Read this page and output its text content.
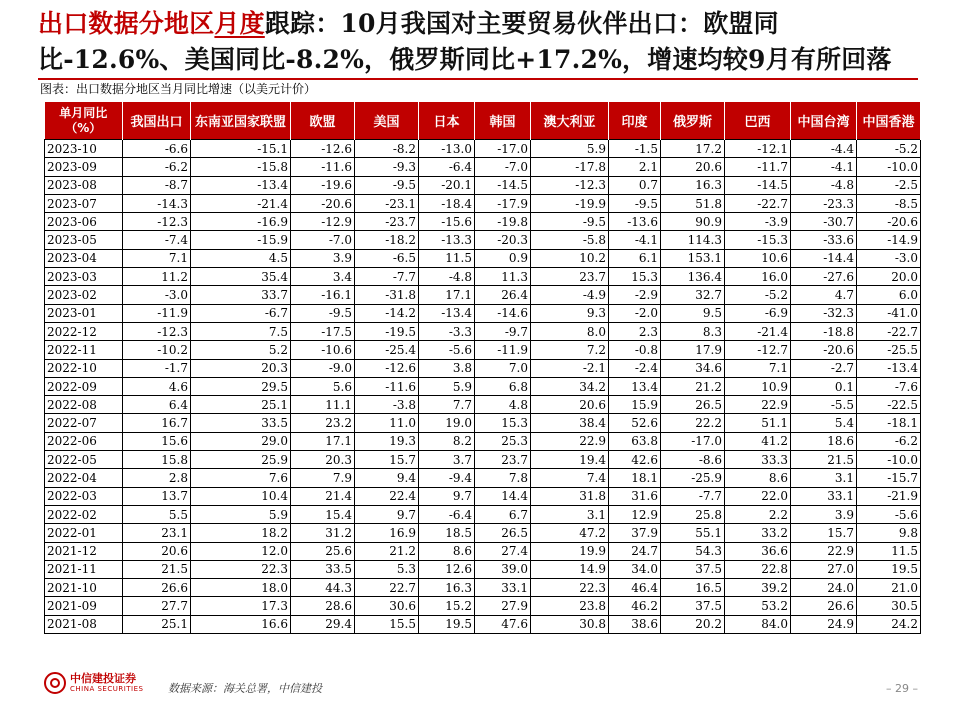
出口数据分地区月度跟踪：10月我国对主要贸易伙伴出口：欧盟同比-12.6%、美国同比-8.2%，俄罗斯同比+17.2%，增速均较9月有所回落
图表：出口数据分地区当月同比增速（以美元计价）
单月同比（%）	我国出口	东南亚国家联盟	欧盟	美国	日本	韩国	澳大利亚	印度	俄罗斯	巴西	中国台湾	中国香港
2023-10	-6.6	-15.1	-12.6	-8.2	-13.0	-17.0	5.9	-1.5	17.2	-12.1	-4.4	-5.2
2023-09	-6.2	-15.8	-11.6	-9.3	-6.4	-7.0	-17.8	2.1	20.6	-11.7	-4.1	-10.0
2023-08	-8.7	-13.4	-19.6	-9.5	-20.1	-14.5	-12.3	0.7	16.3	-14.5	-4.8	-2.5
2023-07	-14.3	-21.4	-20.6	-23.1	-18.4	-17.9	-19.9	-9.5	51.8	-22.7	-23.3	-8.5
2023-06	-12.3	-16.9	-12.9	-23.7	-15.6	-19.8	-9.5	-13.6	90.9	-3.9	-30.7	-20.6
2023-05	-7.4	-15.9	-7.0	-18.2	-13.3	-20.3	-5.8	-4.1	114.3	-15.3	-33.6	-14.9
2023-04	7.1	4.5	3.9	-6.5	11.5	0.9	10.2	6.1	153.1	10.6	-14.4	-3.0
2023-03	11.2	35.4	3.4	-7.7	-4.8	11.3	23.7	15.3	136.4	16.0	-27.6	20.0
2023-02	-3.0	33.7	-16.1	-31.8	17.1	26.4	-4.9	-2.9	32.7	-5.2	4.7	6.0
2023-01	-11.9	-6.7	-9.5	-14.2	-13.4	-14.6	9.3	-2.0	9.5	-6.9	-32.3	-41.0
2022-12	-12.3	7.5	-17.5	-19.5	-3.3	-9.7	8.0	2.3	8.3	-21.4	-18.8	-22.7
2022-11	-10.2	5.2	-10.6	-25.4	-5.6	-11.9	7.2	-0.8	17.9	-12.7	-20.6	-25.5
2022-10	-1.7	20.3	-9.0	-12.6	3.8	7.0	-2.1	-2.4	34.6	7.1	-2.7	-13.4
2022-09	4.6	29.5	5.6	-11.6	5.9	6.8	34.2	13.4	21.2	10.9	0.1	-7.6
2022-08	6.4	25.1	11.1	-3.8	7.7	4.8	20.6	15.9	26.5	22.9	-5.5	-22.5
2022-07	16.7	33.5	23.2	11.0	19.0	15.3	38.4	52.6	22.2	51.1	5.4	-18.1
2022-06	15.6	29.0	17.1	19.3	8.2	25.3	22.9	63.8	-17.0	41.2	18.6	-6.2
2022-05	15.8	25.9	20.3	15.7	3.7	23.7	19.4	42.6	-8.6	33.3	21.5	-10.0
2022-04	2.8	7.6	7.9	9.4	-9.4	7.8	7.4	18.1	-25.9	8.6	3.1	-15.7
2022-03	13.7	10.4	21.4	22.4	9.7	14.4	31.8	31.6	-7.7	22.0	33.1	-21.9
2022-02	5.5	5.9	15.4	9.7	-6.4	6.7	3.1	12.9	25.8	2.2	3.9	-5.6
2022-01	23.1	18.2	31.2	16.9	18.5	26.5	47.2	37.9	55.1	33.2	15.7	9.8
2021-12	20.6	12.0	25.6	21.2	8.6	27.4	19.9	24.7	54.3	36.6	22.9	11.5
2021-11	21.5	22.3	33.5	5.3	12.6	39.0	14.9	34.0	37.5	22.8	27.0	19.5
2021-10	26.6	18.0	44.3	22.7	16.3	33.1	22.3	46.4	16.5	39.2	24.0	21.0
2021-09	27.7	17.3	28.6	30.6	15.2	27.9	23.8	46.2	37.5	53.2	26.6	30.5
2021-08	25.1	16.6	29.4	15.5	19.5	47.6	30.8	38.6	20.2	84.0	24.9	24.2
中信建投证券
CHINA SECURITIES 数据来源：海关总署，中信建投	– 29 –
